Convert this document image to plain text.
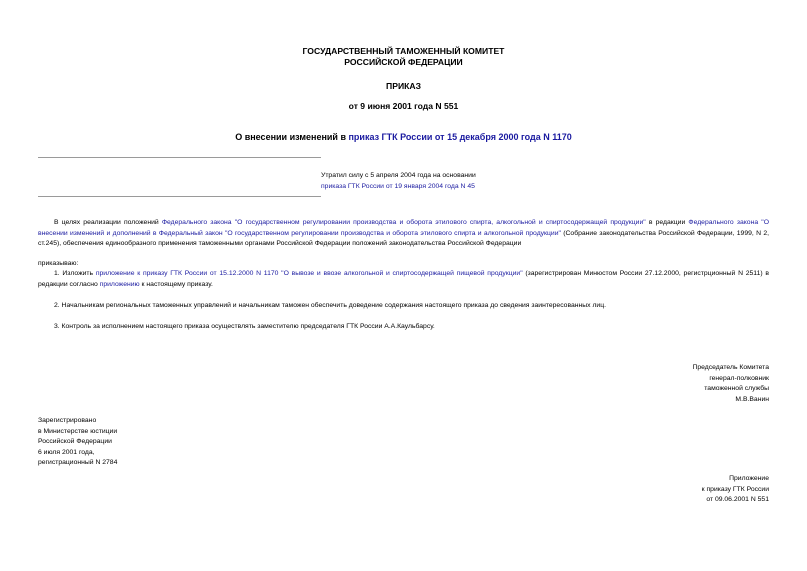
ГОСУДАРСТВЕННЫЙ ТАМОЖЕННЫЙ КОМИТЕТ
РОССИЙСКОЙ ФЕДЕРАЦИИ
ПРИКАЗ
от 9 июня 2001 года N 551
О внесении изменений в приказ ГТК России от 15 декабря 2000 года N 1170
Утратил силу с 5 апреля 2004 года на основании
приказа ГТК России от 19 января 2004 года N 45
В целях реализации положений Федерального закона "О государственном регулировании производства и оборота этилового спирта, алкогольной и спиртосодержащей продукции" в редакции Федерального закона "О внесении изменений и дополнений в Федеральный закон "О государственном регулировании производства и оборота этилового спирта и алкогольной продукции" (Собрание законодательства Российской Федерации, 1999, N 2, ст.245), обеспечения единообразного применения таможенными органами Российской Федерации положений законодательства Российской Федерации
приказываю:
1. Изложить приложение к приказу ГТК России от 15.12.2000 N 1170 "О вывозе и ввозе алкогольной и спиртосодержащей пищевой продукции" (зарегистрирован Минюстом России 27.12.2000, регистрционный N 2511) в редакции согласно приложению к настоящему приказу.
2. Начальникам региональных таможенных управлений и начальникам таможен обеспечить доведение содержания настоящего приказа до сведения заинтересованных лиц.
3. Контроль за исполнением настоящего приказа осуществлять заместителю председателя ГТК России А.А.Каульбарсу.
Председатель Комитета
генерал-полковник
таможенной службы
М.В.Ванин
Зарегистрировано
в Министерстве юстиции
Российской Федерации
6 июля 2001 года,
регистрационный N 2784
Приложение
к приказу ГТК России
от 09.06.2001 N 551
